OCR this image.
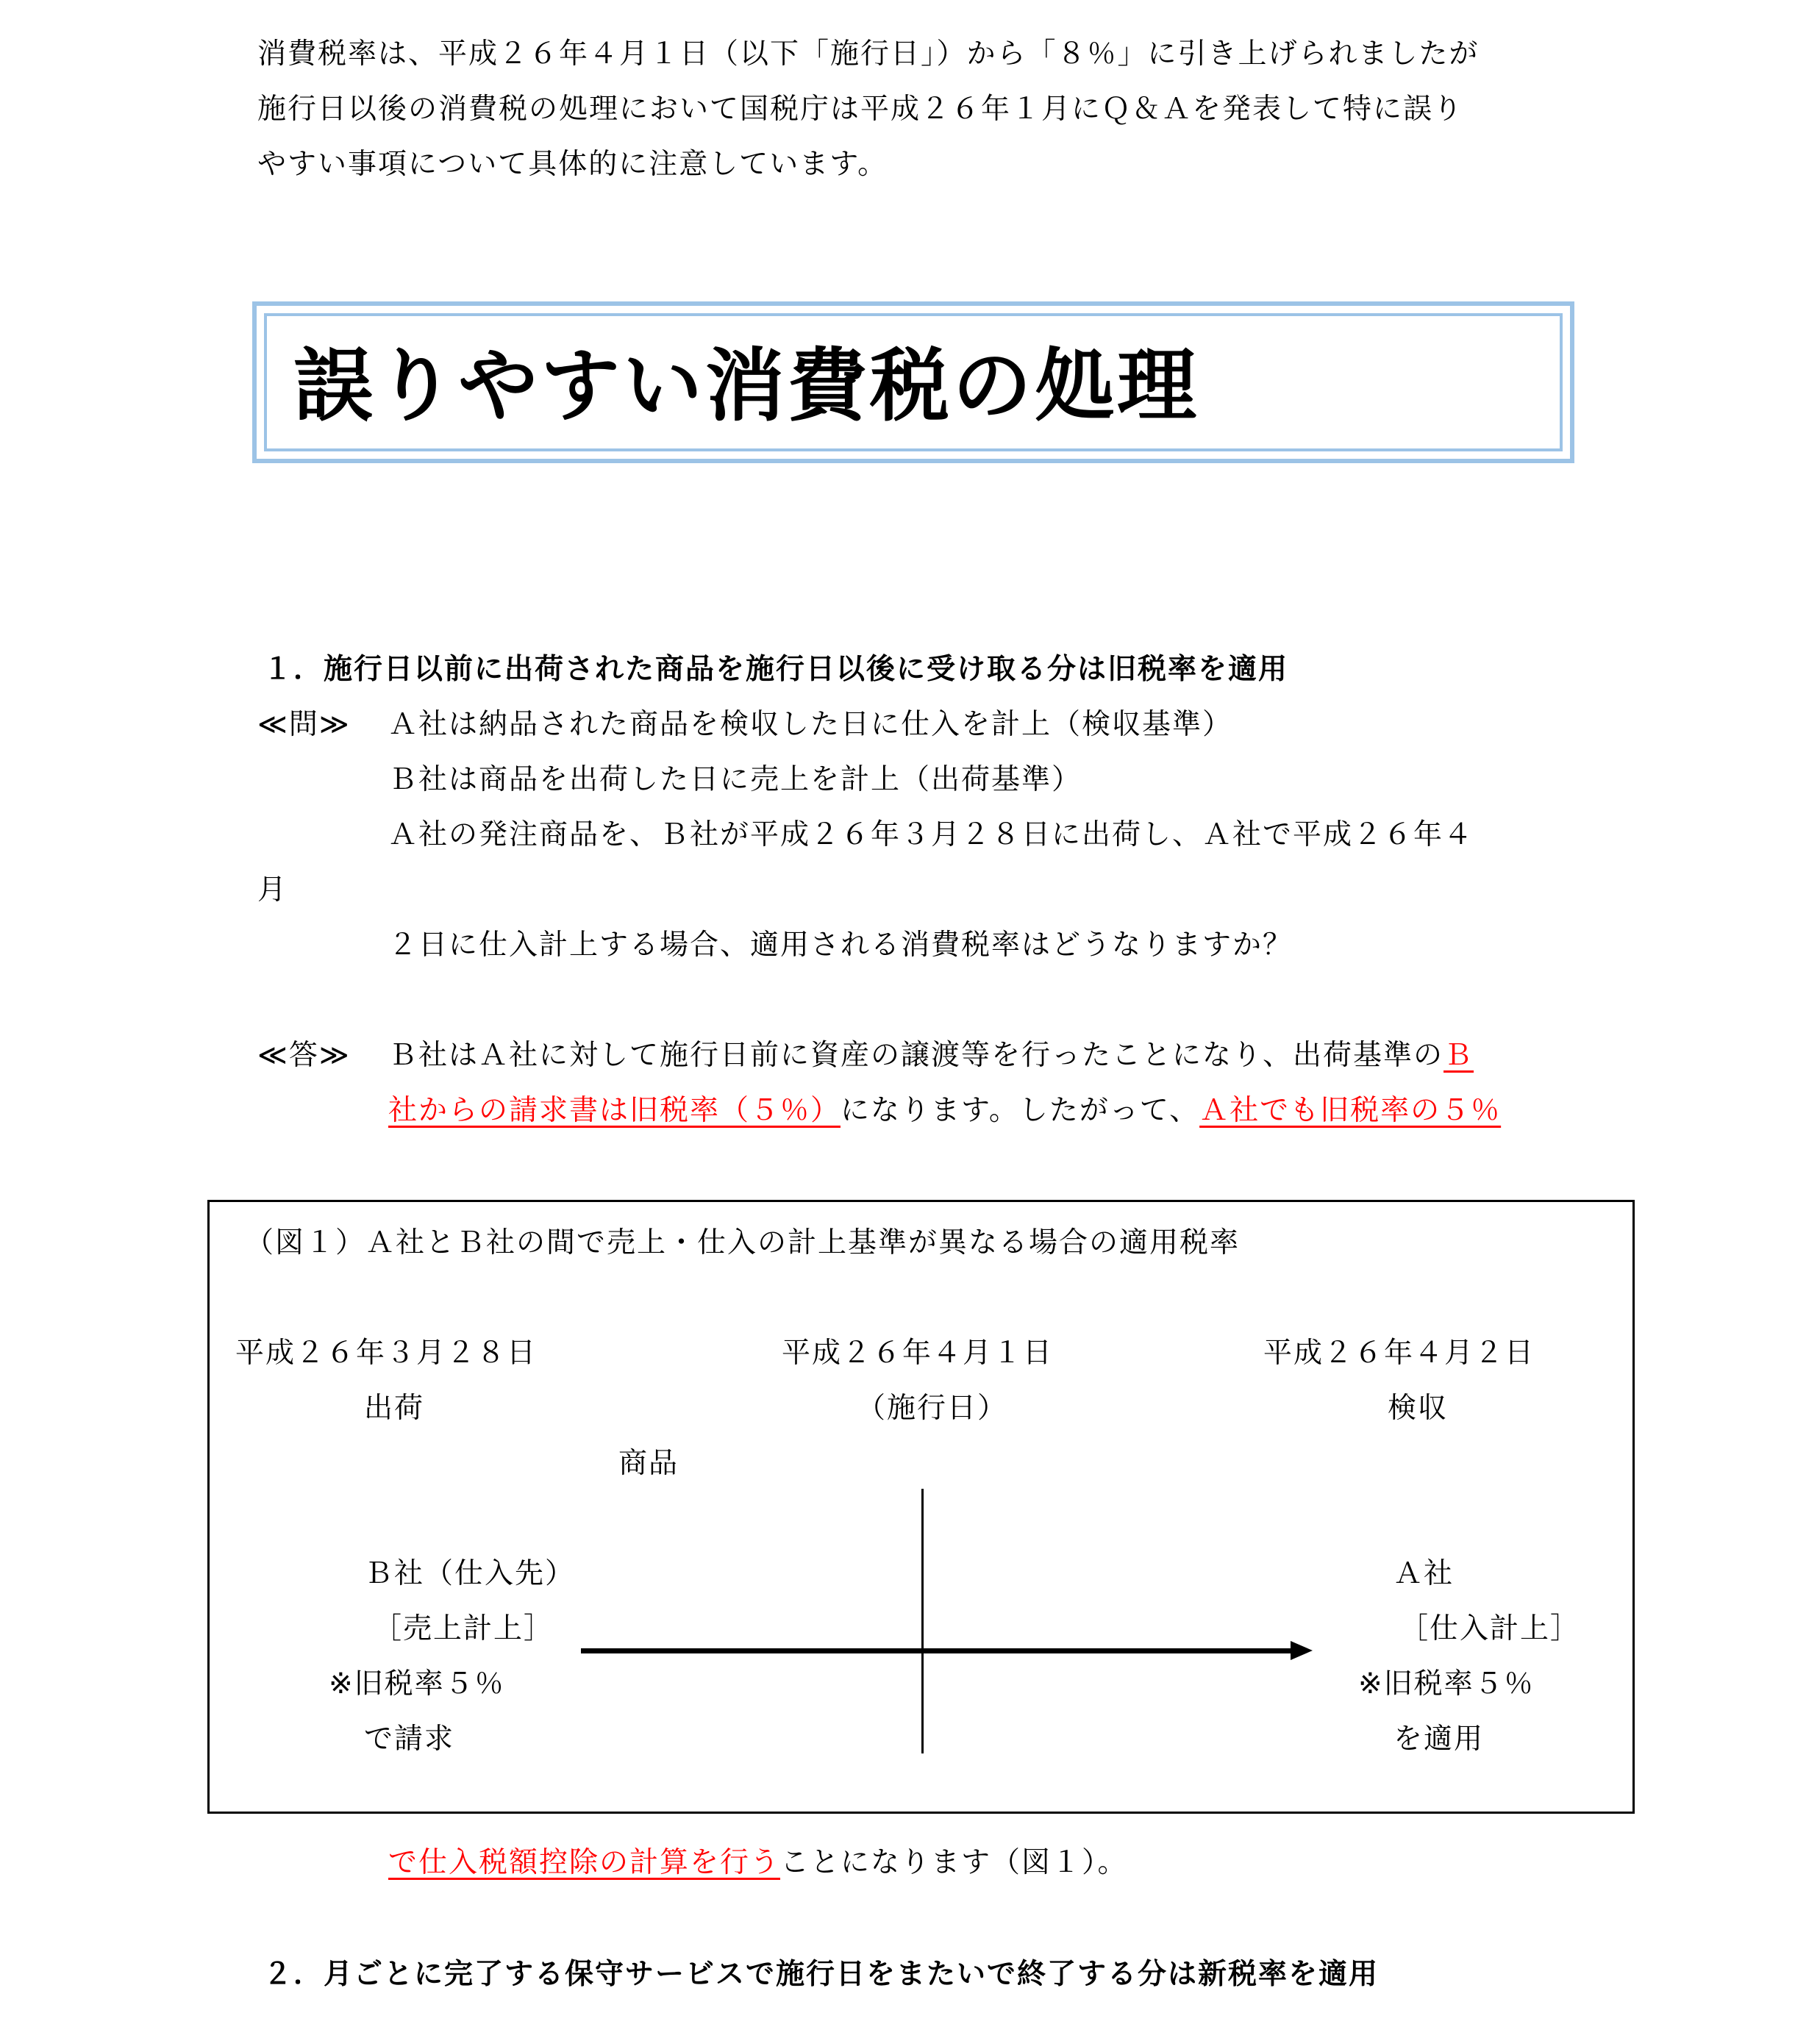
消費税率は、平成２６年４月１日（以下「施行日」）から「８％」に引き上げられましたが
施行日以後の消費税の処理において国税庁は平成２６年１月にＱ＆Ａを発表して特に誤り
やすい事項について具体的に注意しています。
誤りやすい消費税の処理
１．施行日以前に出荷された商品を施行日以後に受け取る分は旧税率を適用
≪問≫ Ａ社は納品された商品を検収した日に仕入を計上（検収基準）
Ｂ社は商品を出荷した日に売上を計上（出荷基準）
Ａ社の発注商品を、Ｂ社が平成２６年３月２８日に出荷し、Ａ社で平成２６年４
月
２日に仕入計上する場合、適用される消費税率はどうなりますか？
≪答≫ Ｂ社はＡ社に対して施行日前に資産の譲渡等を行ったことになり、出荷基準のＢ
社からの請求書は旧税率（５％）になります。したがって、Ａ社でも旧税率の５％
（図１）Ａ社とＢ社の間で売上・仕入の計上基準が異なる場合の適用税率
平成２６年３月２８日
出荷
平成２６年４月１日
（施行日）
平成２６年４月２日
検収
商品
Ｂ社（仕入先）
［売上計上］
※旧税率５％
で請求
Ａ社
［仕入計上］
※旧税率５％
を適用
で仕入税額控除の計算を行うことになります（図１）。
２．月ごとに完了する保守サービスで施行日をまたいで終了する分は新税率を適用
